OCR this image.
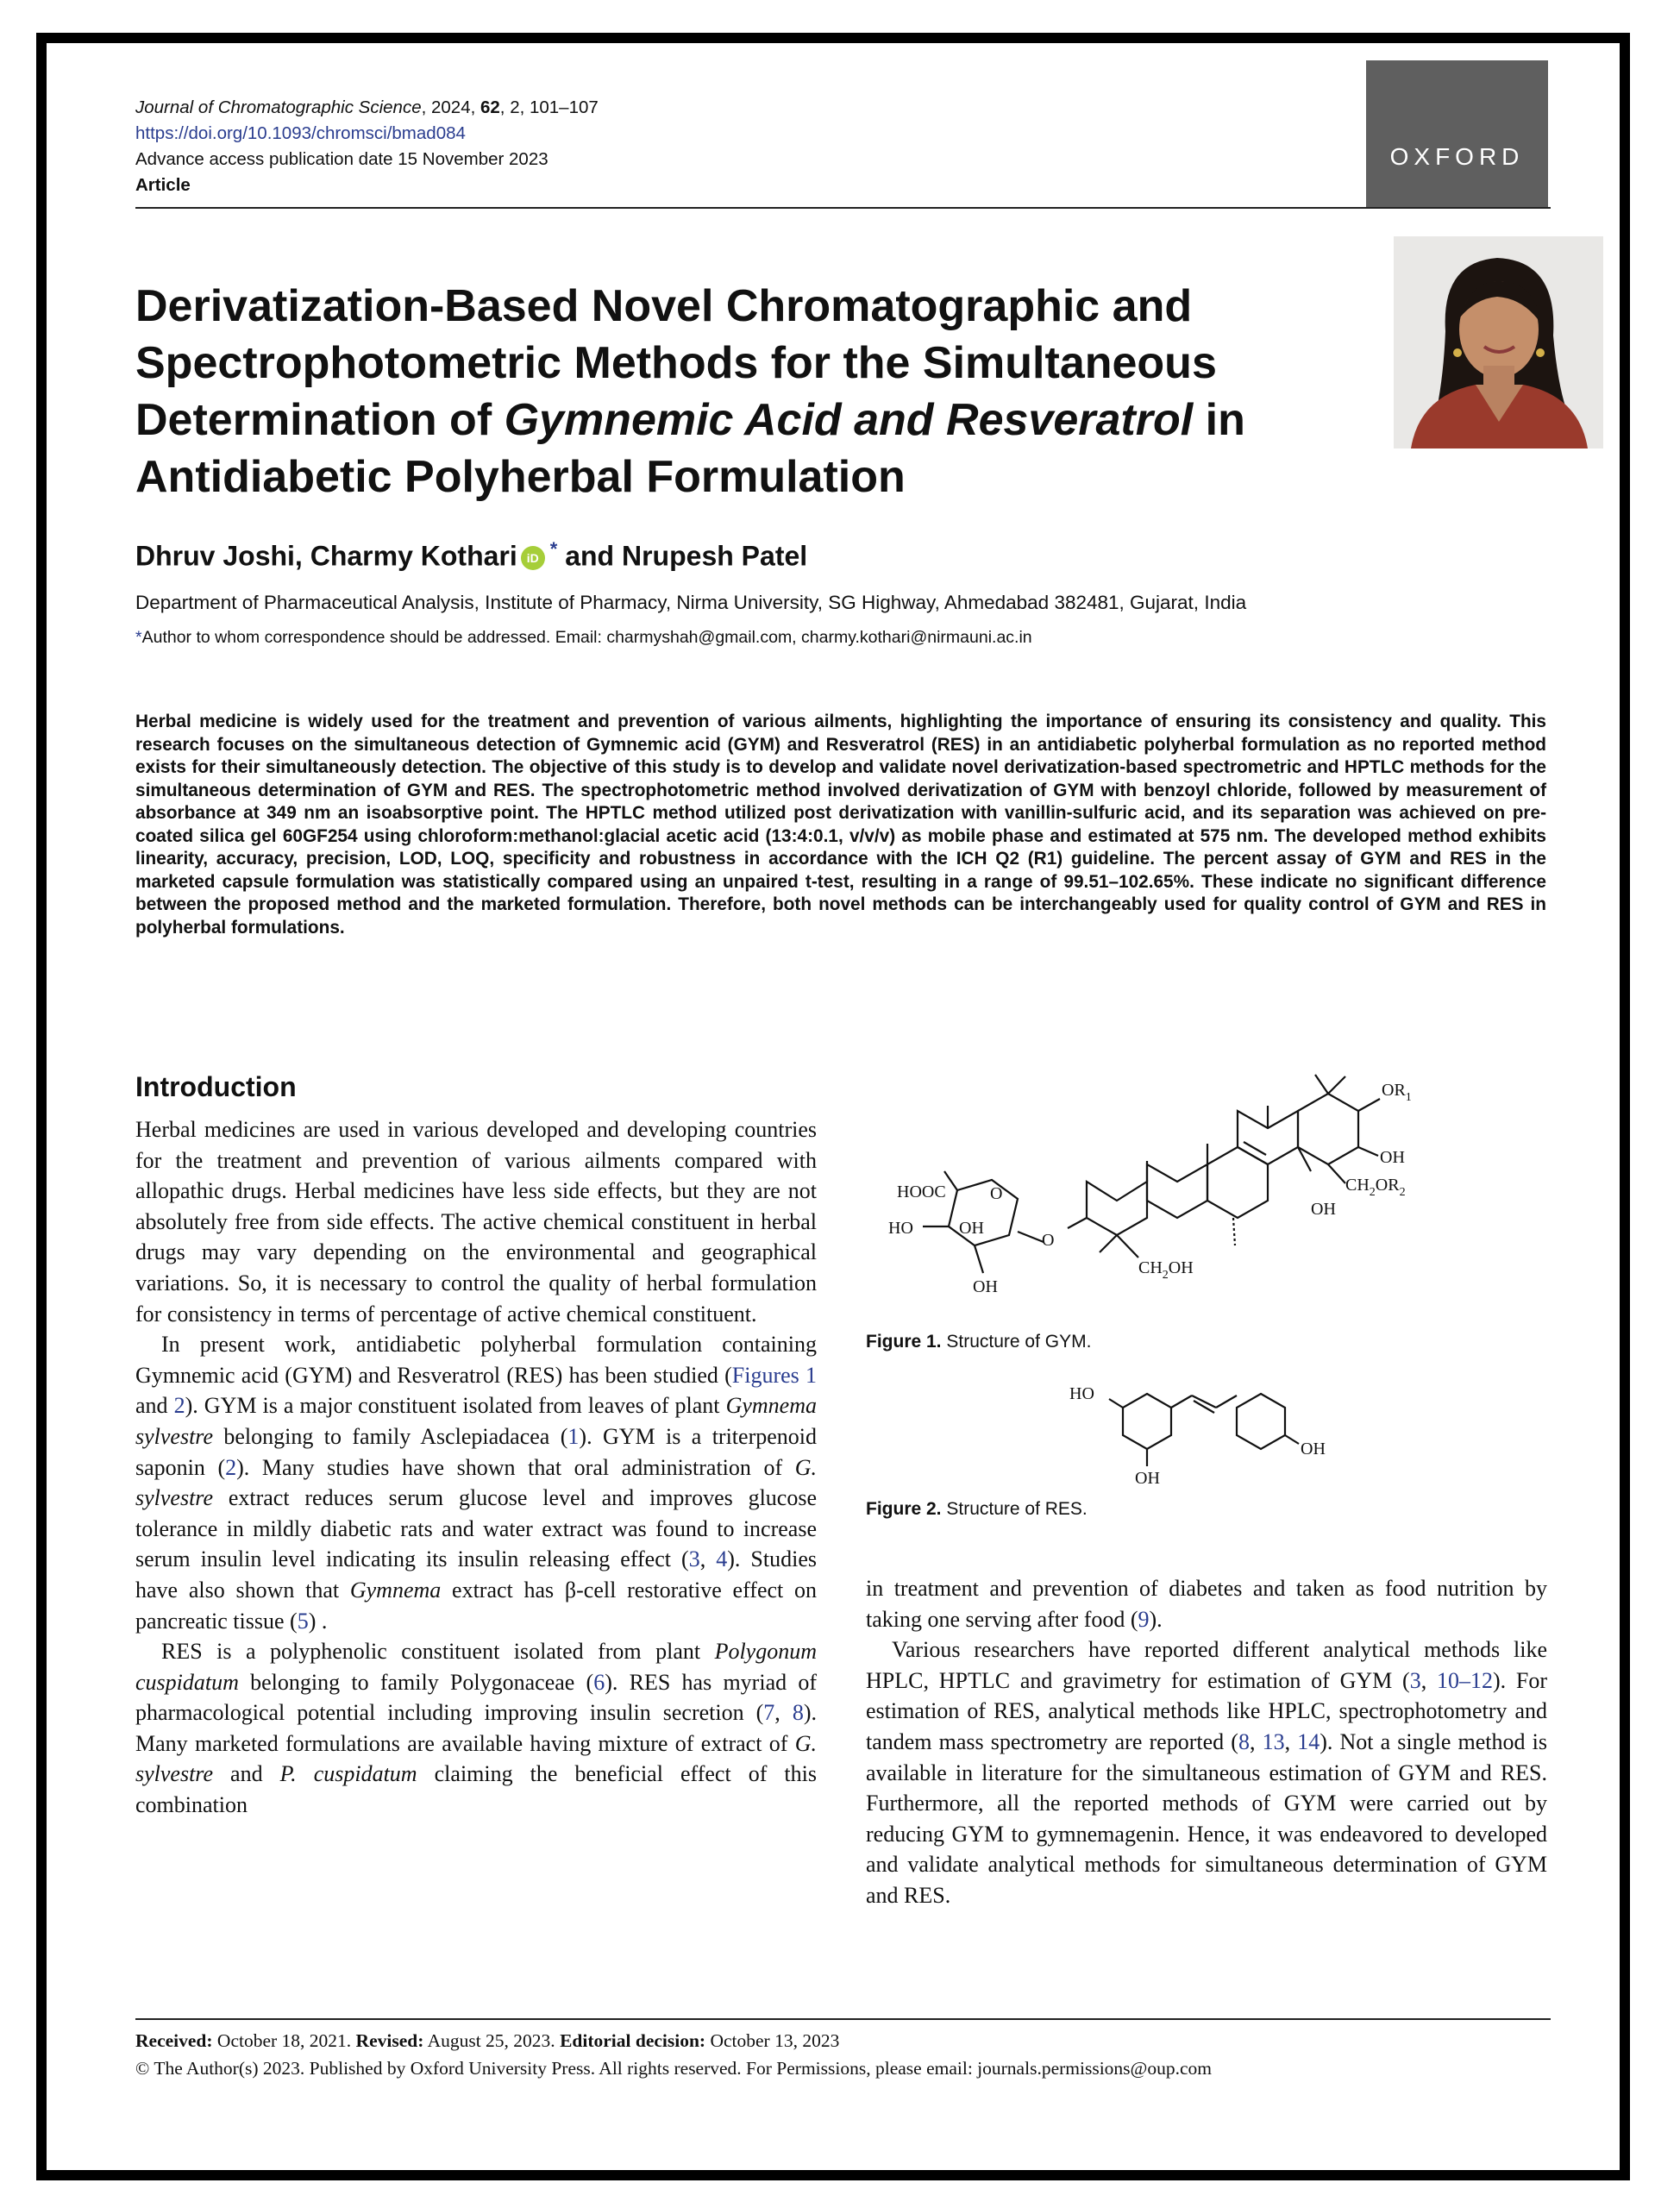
Journal of Chromatographic Science, 2024, 62, 2, 101–107
https://doi.org/10.1093/chromsci/bmad084
Advance access publication date 15 November 2023
Article
OXFORD
Derivatization-Based Novel Chromatographic and Spectrophotometric Methods for the Simultaneous Determination of Gymnemic Acid and Resveratrol in Antidiabetic Polyherbal Formulation
Dhruv Joshi, Charmy Kothari iD * and Nrupesh Patel
Department of Pharmaceutical Analysis, Institute of Pharmacy, Nirma University, SG Highway, Ahmedabad 382481, Gujarat, India
*Author to whom correspondence should be addressed. Email: charmyshah@gmail.com, charmy.kothari@nirmauni.ac.in
Herbal medicine is widely used for the treatment and prevention of various ailments, highlighting the importance of ensuring its consistency and quality. This research focuses on the simultaneous detection of Gymnemic acid (GYM) and Resveratrol (RES) in an antidiabetic polyherbal formulation as no reported method exists for their simultaneously detection. The objective of this study is to develop and validate novel derivatization-based spectrometric and HPTLC methods for the simultaneous determination of GYM and RES. The spectrophotometric method involved derivatization of GYM with benzoyl chloride, followed by measurement of absorbance at 349 nm an isoabsorptive point. The HPTLC method utilized post derivatization with vanillin-sulfuric acid, and its separation was achieved on pre-coated silica gel 60GF254 using chloroform:methanol:glacial acetic acid (13:4:0.1, v/v/v) as mobile phase and estimated at 575 nm. The developed method exhibits linearity, accuracy, precision, LOD, LOQ, specificity and robustness in accordance with the ICH Q2 (R1) guideline. The percent assay of GYM and RES in the marketed capsule formulation was statistically compared using an unpaired t-test, resulting in a range of 99.51–102.65%. These indicate no significant difference between the proposed method and the marketed formulation. Therefore, both novel methods can be interchangeably used for quality control of GYM and RES in polyherbal formulations.
Introduction

Herbal medicines are used in various developed and developing countries for the treatment and prevention of various ailments compared with allopathic drugs. Herbal medicines have less side effects, but they are not absolutely free from side effects. The active chemical constituent in herbal drugs may vary depending on the environmental and geographical variations. So, it is necessary to control the quality of herbal formulation for consistency in terms of percentage of active chemical constituent.

In present work, antidiabetic polyherbal formulation containing Gymnemic acid (GYM) and Resveratrol (RES) has been studied (Figures 1 and 2). GYM is a major constituent isolated from leaves of plant Gymnema sylvestre belonging to family Asclepiadacea (1). GYM is a triterpenoid saponin (2). Many studies have shown that oral administration of G. sylvestre extract reduces serum glucose level and improves glucose tolerance in mildly diabetic rats and water extract was found to increase serum insulin level indicating its insulin releasing effect (3, 4). Studies have also shown that Gymnema extract has β-cell restorative effect on pancreatic tissue (5) .

RES is a polyphenolic constituent isolated from plant Polygonum cuspidatum belonging to family Polygonaceae (6). RES has myriad of pharmacological potential including improving insulin secretion (7, 8). Many marketed formulations are available having mixture of extract of G. sylvestre and P. cuspidatum claiming the beneficial effect of this combination

$OR_1$
OH
$CH_2OR_2$
OH
HOOC	O
HO	OH
O
$CH_2OH$
OH
Figure 1. Structure of GYM.
HO
OH
OH
Figure 2. Structure of RES.

in treatment and prevention of diabetes and taken as food nutrition by taking one serving after food (9).

Various researchers have reported different analytical methods like HPLC, HPTLC and gravimetry for estimation of GYM (3, 10–12). For estimation of RES, analytical methods like HPLC, spectrophotometry and tandem mass spectrometry are reported (8, 13, 14). Not a single method is available in literature for the simultaneous estimation of GYM and RES. Furthermore, all the reported methods of GYM were carried out by reducing GYM to gymnemagenin. Hence, it was endeavored to developed and validate analytical methods for simultaneous determination of GYM and RES.

Received: October 18, 2021. Revised: August 25, 2023. Editorial decision: October 13, 2023
© The Author(s) 2023. Published by Oxford University Press. All rights reserved. For Permissions, please email: journals.permissions@oup.com
